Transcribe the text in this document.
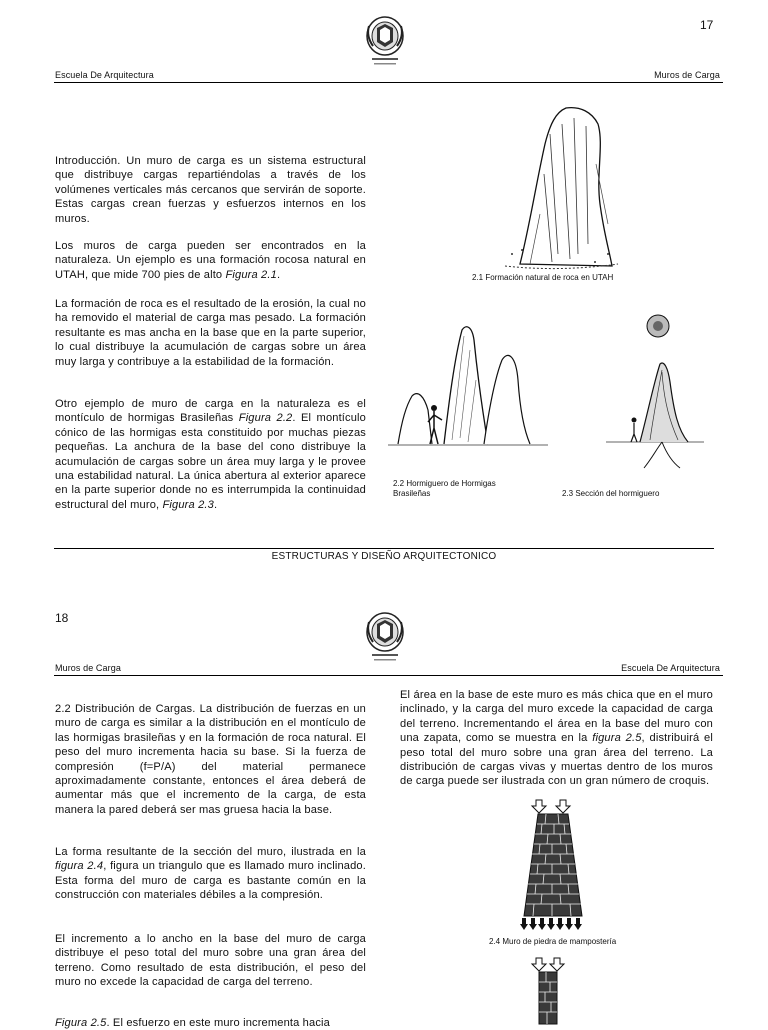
17
Escuela De Arquitectura	Muros de Carga

Introducción. Un muro de carga es un sistema estructural que distribuye cargas repartiéndolas a través de los volúmenes verticales más cercanos que servirán de soporte. Estas cargas crean fuerzas y esfuerzos internos en los muros.

Los muros de carga pueden ser encontrados en la naturaleza. Un ejemplo es una formación rocosa natural en UTAH, que mide 700 pies de alto Figura 2.1.

La formación de roca es el resultado de la erosión, la cual no ha removido el material de carga mas pesado. La formación resultante es mas ancha en la base que en la parte superior, lo cual distribuye la acumulación de cargas sobre un área muy larga y contribuye a la estabilidad de la formación.

Otro ejemplo de muro de carga en la naturaleza es el montículo de hormigas Brasileñas Figura 2.2. El montículo cónico de las hormigas esta constituido por muchas piezas pequeñas. La anchura de la base del cono distribuye la acumulación de cargas sobre un área muy larga y le provee una estabilidad natural. La única abertura al exterior aparece en la parte superior donde no es interrumpida la continuidad estructural del muro, Figura 2.3.

2.1 Formación natural de roca en UTAH
2.2 Hormiguero de Hormigas Brasileñas	2.3 Sección del hormiguero
ESTRUCTURAS Y DISEÑO ARQUITECTONICO
18
Muros de Carga	Escuela De Arquitectura

2.2 Distribución de Cargas. La distribución de fuerzas en un muro de carga es similar a la distribución en el montículo de las hormigas brasileñas y en la formación de roca natural. El peso del muro incrementa hacia su base. Si la fuerza de compresión (f=P/A) del material permanece aproximadamente constante, entonces el área deberá de aumentar más que el incremento de la carga, de esta manera la pared deberá ser mas gruesa hacia la base.

La forma resultante de la sección del muro, ilustrada en la figura 2.4, figura un triangulo que es llamado muro inclinado. Esta forma del muro de carga es bastante común en la construcción con materiales débiles a la compresión.

El incremento a lo ancho en la base del muro de carga distribuye el peso total del muro sobre una gran área del terreno. Como resultado de esta distribución, el peso del muro no excede la capacidad de carga del terreno.

Figura 2.5. El esfuerzo en este muro incrementa hacia

El área en la base de este muro es más chica que en el muro inclinado, y la carga del muro excede la capacidad de carga del terreno. Incrementando el área en la base del muro con una zapata, como se muestra en la figura 2.5, distribuirá el peso total del muro sobre una gran área del terreno. La distribución de cargas vivas y muertas dentro de los muros de carga puede ser ilustrada con un gran número de croquis.

2.4 Muro de piedra de mampostería
